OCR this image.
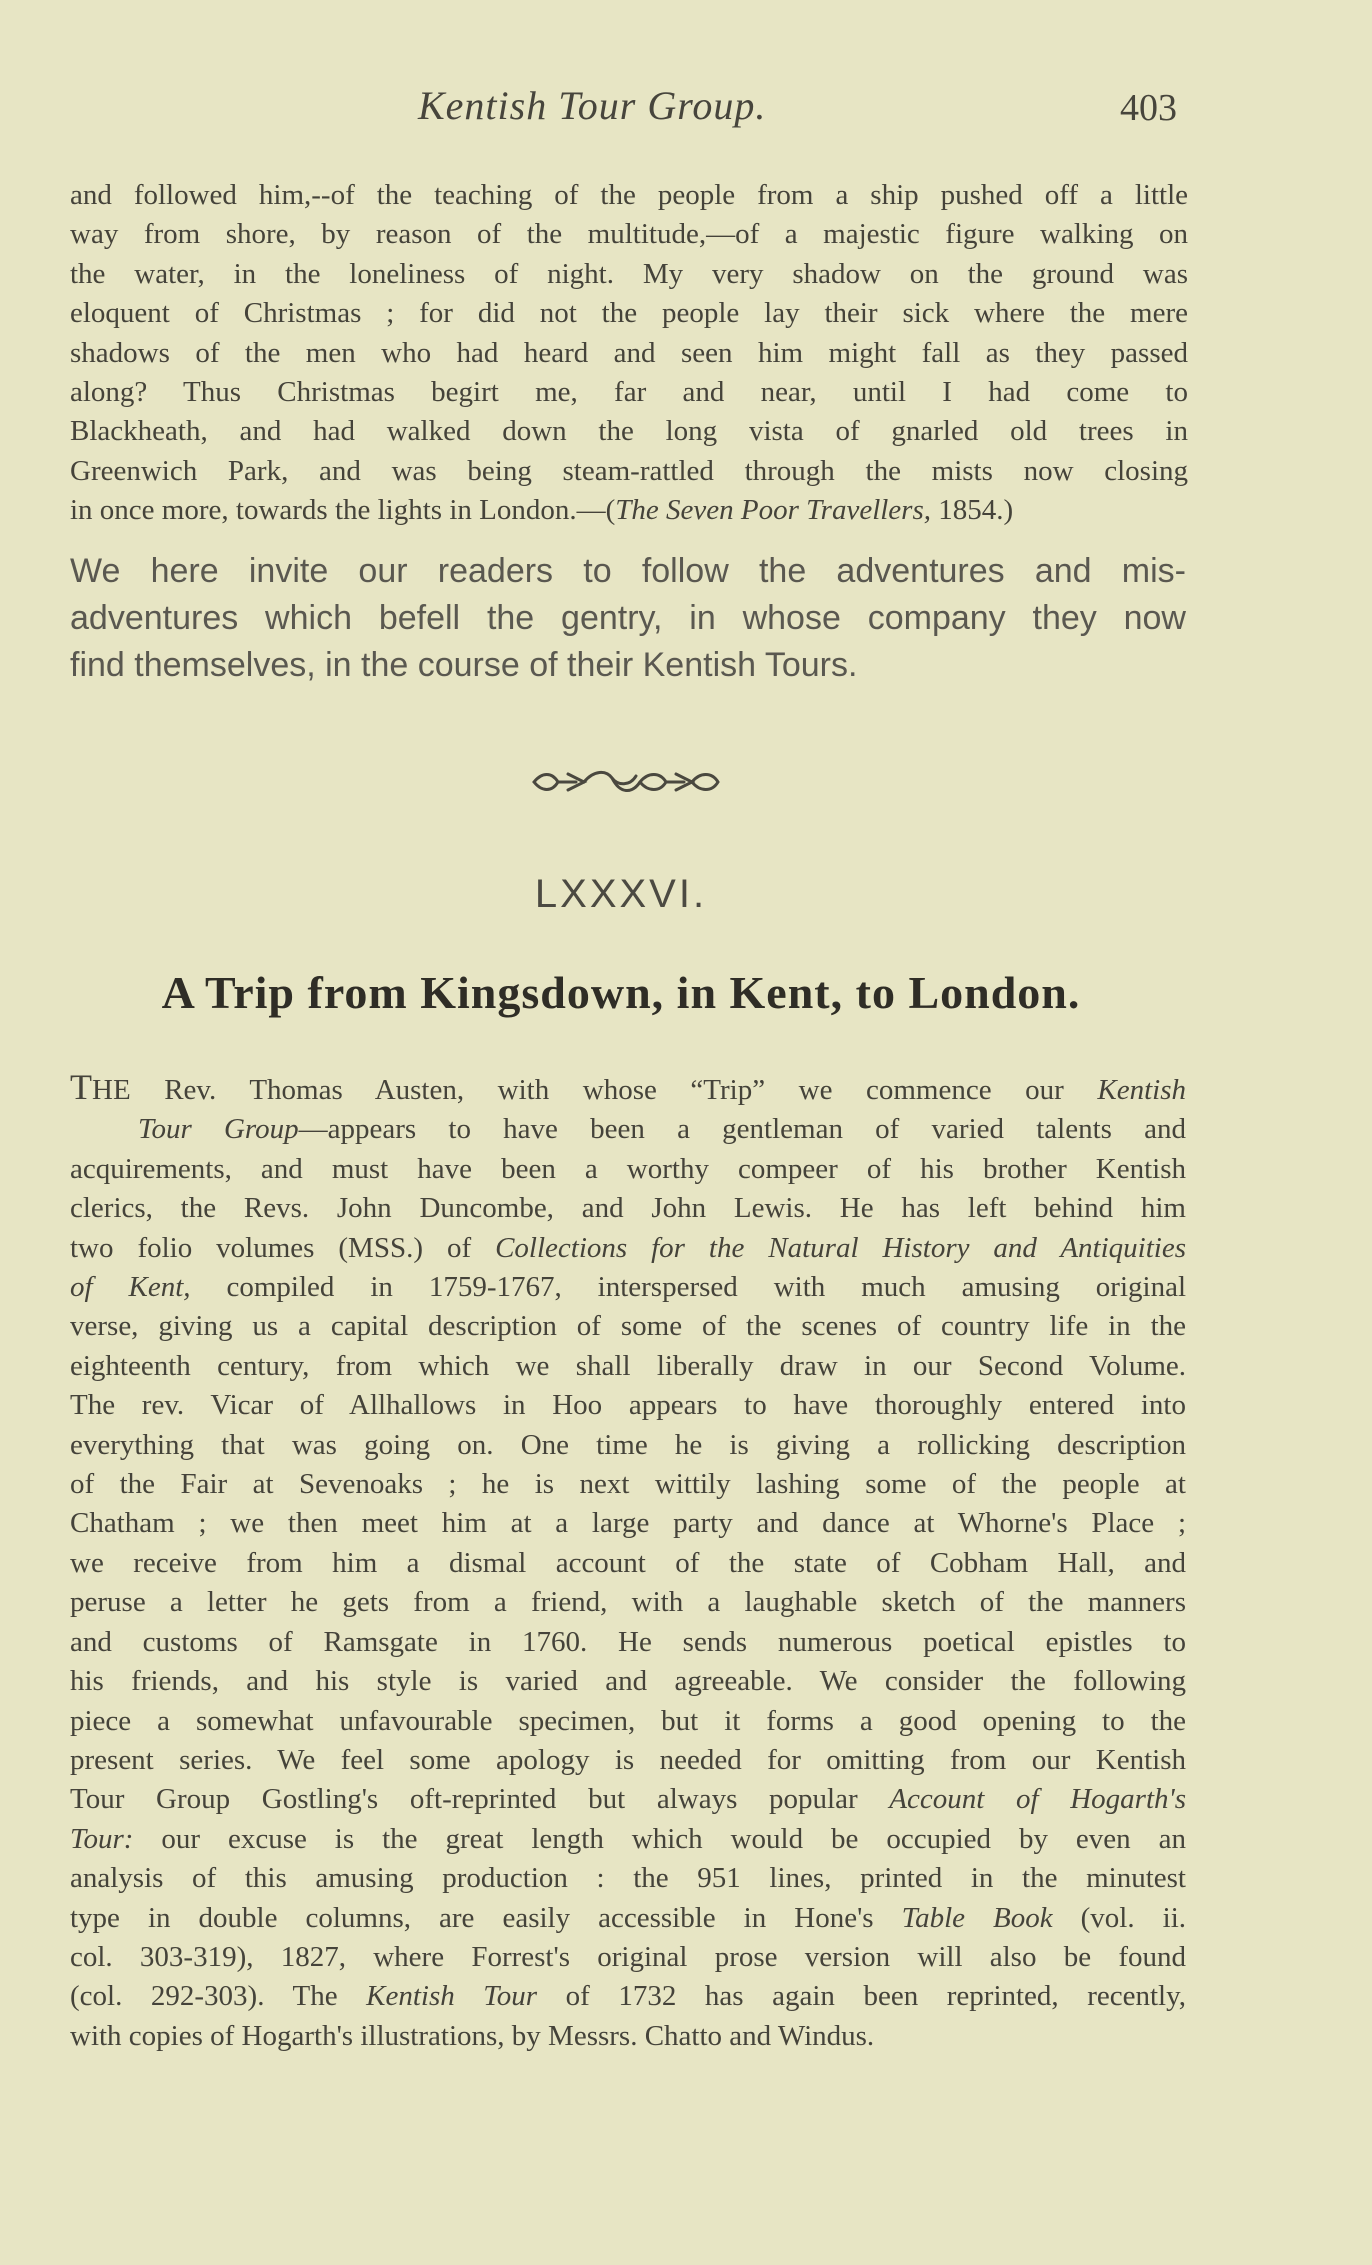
Kentish Tour Group.	403
and followed him,--of the teaching of the people from a ship pushed off a little
way from shore, by reason of the multitude,—of a majestic figure walking on
the water, in the loneliness of night. My very shadow on the ground was
eloquent of Christmas ; for did not the people lay their sick where the mere
shadows of the men who had heard and seen him might fall as they passed
along? Thus Christmas begirt me, far and near, until I had come to
Blackheath, and had walked down the long vista of gnarled old trees in
Greenwich Park, and was being steam-rattled through the mists now closing
in once more, towards the lights in London.—(The Seven Poor Travellers, 1854.)
We here invite our readers to follow the adventures and mis-
adventures which befell the gentry, in whose company they now
find themselves, in the course of their Kentish Tours.
LXXXVI.
A Trip from Kingsdown, in Kent, to London.
THE Rev. Thomas Austen, with whose “Trip” we commence our Kentish
Tour Group—appears to have been a gentleman of varied talents and
acquirements, and must have been a worthy compeer of his brother Kentish
clerics, the Revs. John Duncombe, and John Lewis. He has left behind him
two folio volumes (MSS.) of Collections for the Natural History and Antiquities
of Kent, compiled in 1759-1767, interspersed with much amusing original
verse, giving us a capital description of some of the scenes of country life in the
eighteenth century, from which we shall liberally draw in our Second Volume.
The rev. Vicar of Allhallows in Hoo appears to have thoroughly entered into
everything that was going on. One time he is giving a rollicking description
of the Fair at Sevenoaks ; he is next wittily lashing some of the people at
Chatham ; we then meet him at a large party and dance at Whorne's Place ;
we receive from him a dismal account of the state of Cobham Hall, and
peruse a letter he gets from a friend, with a laughable sketch of the manners
and customs of Ramsgate in 1760. He sends numerous poetical epistles to
his friends, and his style is varied and agreeable. We consider the following
piece a somewhat unfavourable specimen, but it forms a good opening to the
present series. We feel some apology is needed for omitting from our Kentish
Tour Group Gostling's oft-reprinted but always popular Account of Hogarth's
Tour: our excuse is the great length which would be occupied by even an
analysis of this amusing production : the 951 lines, printed in the minutest
type in double columns, are easily accessible in Hone's Table Book (vol. ii.
col. 303-319), 1827, where Forrest's original prose version will also be found
(col. 292-303). The Kentish Tour of 1732 has again been reprinted, recently,
with copies of Hogarth's illustrations, by Messrs. Chatto and Windus.
